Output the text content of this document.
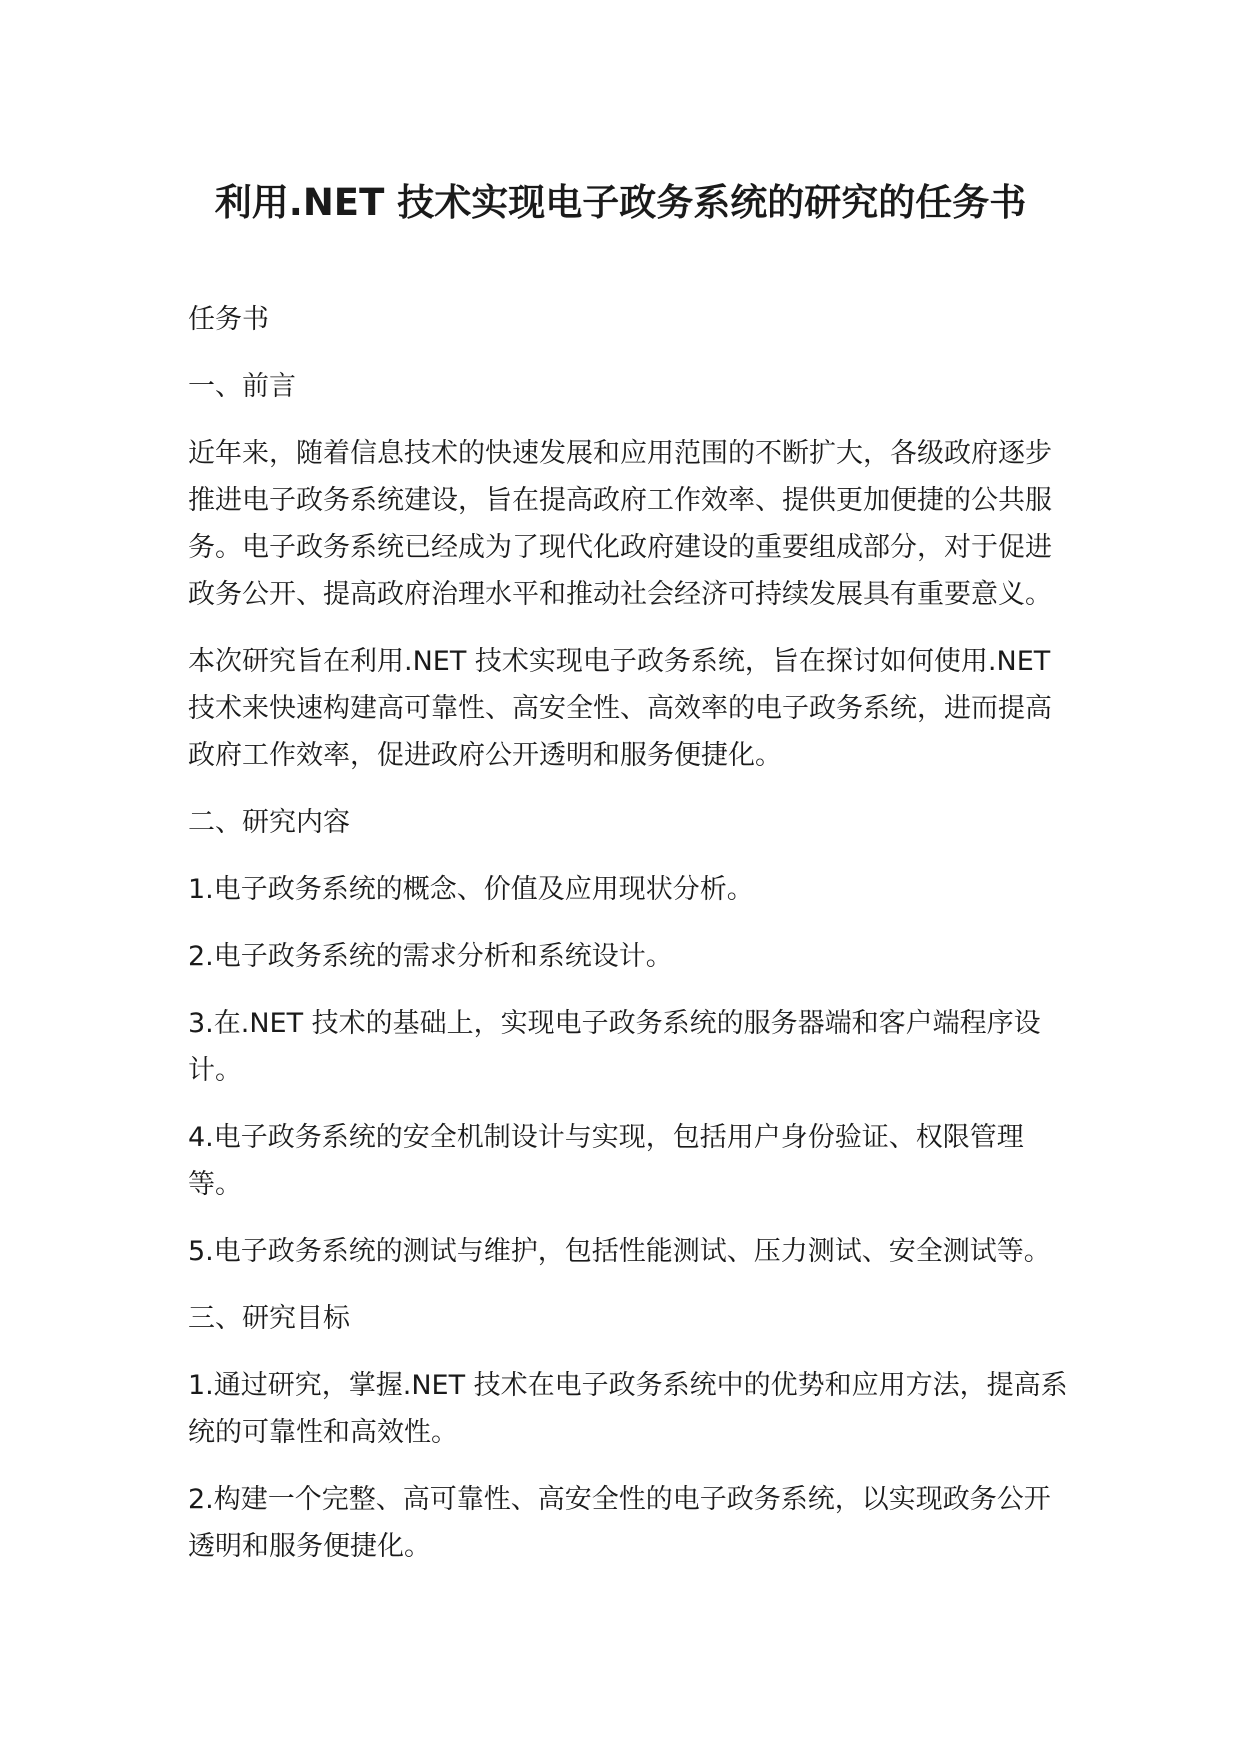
利用.NET 技术实现电子政务系统的研究的任务书

任务书

一、前言

近年来，随着信息技术的快速发展和应用范围的不断扩大，各级政府逐步推进电子政务系统建设，旨在提高政府工作效率、提供更加便捷的公共服务。电子政务系统已经成为了现代化政府建设的重要组成部分，对于促进政务公开、提高政府治理水平和推动社会经济可持续发展具有重要意义。

本次研究旨在利用.NET 技术实现电子政务系统，旨在探讨如何使用.NET 技术来快速构建高可靠性、高安全性、高效率的电子政务系统，进而提高政府工作效率，促进政府公开透明和服务便捷化。

二、研究内容

1.电子政务系统的概念、价值及应用现状分析。

2.电子政务系统的需求分析和系统设计。

3.在.NET 技术的基础上，实现电子政务系统的服务器端和客户端程序设计。

4.电子政务系统的安全机制设计与实现，包括用户身份验证、权限管理等。

5.电子政务系统的测试与维护，包括性能测试、压力测试、安全测试等。

三、研究目标

1.通过研究，掌握.NET 技术在电子政务系统中的优势和应用方法，提高系统的可靠性和高效性。

2.构建一个完整、高可靠性、高安全性的电子政务系统，以实现政务公开透明和服务便捷化。
